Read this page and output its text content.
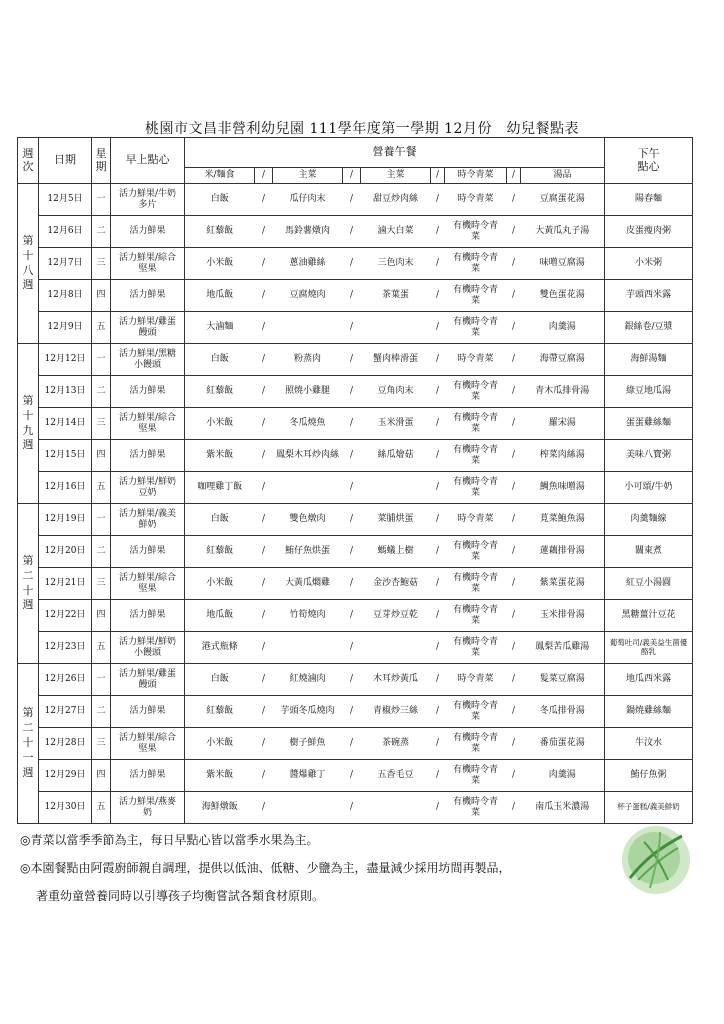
桃園市文昌非營利幼兒園 111學年度第一學期 12月份　幼兒餐點表
週次	日期	星期	早上點心	營養午餐									下午點心
				米/麵食	/	主菜	/	主菜	/	時令青菜	/	湯品	
第十八週	12月5日	一	活力鮮果/牛奶多片	白飯	/	瓜仔肉末	/	甜豆炒肉絲	/	時令青菜	/	豆腐蛋花湯	陽春麵
	12月6日	二	活力鮮果	紅藜飯	/	馬鈴薯燉肉	/	滷大白菜	/	有機時令青菜	/	大黃瓜丸子湯	皮蛋瘦肉粥
	12月7日	三	活力鮮果/綜合堅果	小米飯	/	蔥油雞絲	/	三色肉末	/	有機時令青菜	/	味噌豆腐湯	小米粥
	12月8日	四	活力鮮果	地瓜飯	/	豆腐燒肉	/	茶葉蛋	/	有機時令青菜	/	雙色蛋花湯	芋頭西米露
	12月9日	五	活力鮮果/雞蛋饅頭	大滷麵	/		/		/	有機時令青菜	/	肉羹湯	銀絲卷/豆漿
第十九週	12月12日	一	活力鮮果/黑糖小饅頭	白飯	/	粉蒸肉	/	蟹肉棒滑蛋	/	時令青菜	/	海帶豆腐湯	海鮮湯麵
	12月13日	二	活力鮮果	紅藜飯	/	照燒小雞腿	/	豆角肉末	/	有機時令青菜	/	青木瓜排骨湯	綠豆地瓜湯
	12月14日	三	活力鮮果/綜合堅果	小米飯	/	冬瓜燒魚	/	玉米滑蛋	/	有機時令青菜	/	羅宋湯	蛋蛋雞絲麵
	12月15日	四	活力鮮果	紫米飯	/	鳳梨木耳炒肉絲	/	絲瓜燴菇	/	有機時令青菜	/	榨菜肉絲湯	美味八寶粥
	12月16日	五	活力鮮果/鮮奶豆奶	咖哩雞丁飯	/		/		/	有機時令青菜	/	鯛魚味噌湯	小可頌/牛奶
第二十週	12月19日	一	活力鮮果/義美鮮奶	白飯	/	雙色燉肉	/	菜脯烘蛋	/	時令青菜	/	莧菜鮑魚湯	肉羹麵線
	12月20日	二	活力鮮果	紅藜飯	/	鮪仔魚烘蛋	/	螞蟻上樹	/	有機時令青菜	/	蓮藕排骨湯	關東煮
	12月21日	三	活力鮮果/綜合堅果	小米飯	/	大黃瓜燜雞	/	金沙杏鮑菇	/	有機時令青菜	/	紫菜蛋花湯	紅豆小湯圓
	12月22日	四	活力鮮果	地瓜飯	/	竹筍燒肉	/	豆芽炒豆乾	/	有機時令青菜	/	玉米排骨湯	黑糖薑汁豆花
	12月23日	五	活力鮮果/鮮奶小饅頭	港式瓶條	/		/		/	有機時令青菜	/	鳳梨苦瓜雞湯	葡萄吐司/義美益生菌優酪乳
第二十一週	12月26日	一	活力鮮果/雞蛋饅頭	白飯	/	紅燒滷肉	/	木耳炒黃瓜	/	時令青菜	/	髮菜豆腐湯	地瓜西米露
	12月27日	二	活力鮮果	紅藜飯	/	芋頭冬瓜燒肉	/	青椒炒三絲	/	有機時令青菜	/	冬瓜排骨湯	鍋燒雞絲麵
	12月28日	三	活力鮮果/綜合堅果	小米飯	/	樹子鮮魚	/	茶碗蒸	/	有機時令青菜	/	番茄蛋花湯	牛汶水
	12月29日	四	活力鮮果	紫米飯	/	醬爆雞丁	/	五香毛豆	/	有機時令青菜	/	肉羹湯	鮪仔魚粥
	12月30日	五	活力鮮果/燕麥奶	海鮮燉飯	/		/		/	有機時令青菜	/	南瓜玉米濃湯	杯子蛋糕/義美鮮奶
◎青菜以當季季節為主，每日早點心皆以當季水果為主。
◎本園餐點由阿霞廚師親自調理，提供以低油、低糖、少鹽為主，盡量減少採用坊間再製品，
著重幼童營養同時以引導孩子均衡嘗試各類食材原則。
